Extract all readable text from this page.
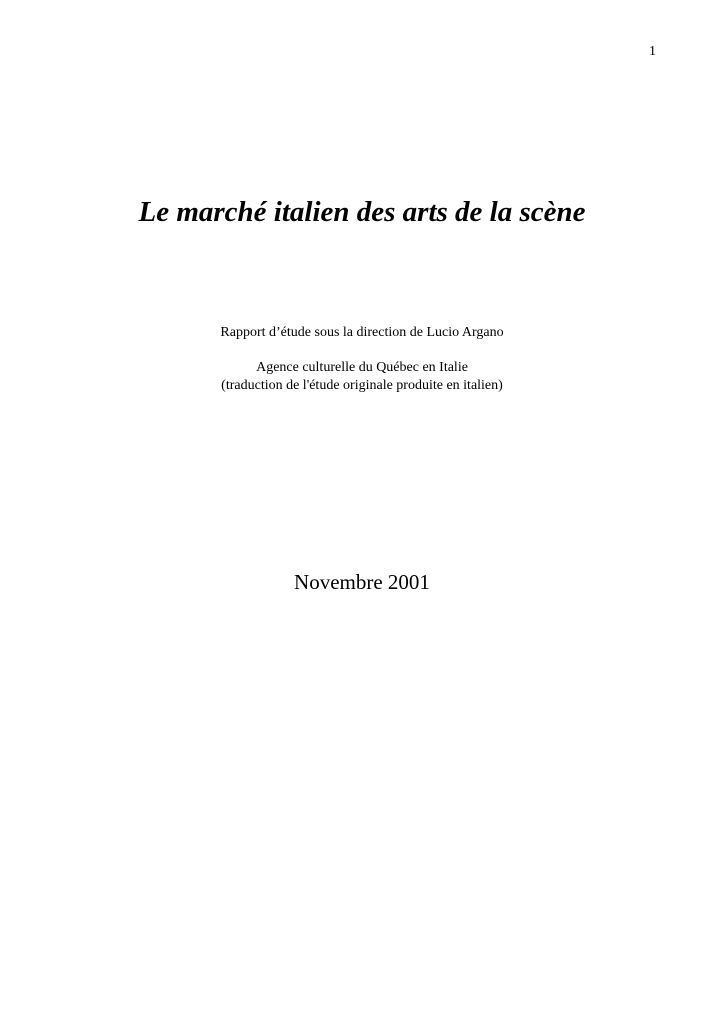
1
Le marché italien des arts de la scène
Rapport d’étude sous la direction de Lucio Argano
Agence culturelle du Québec en Italie
(traduction de l'étude originale produite en italien)
Novembre 2001
